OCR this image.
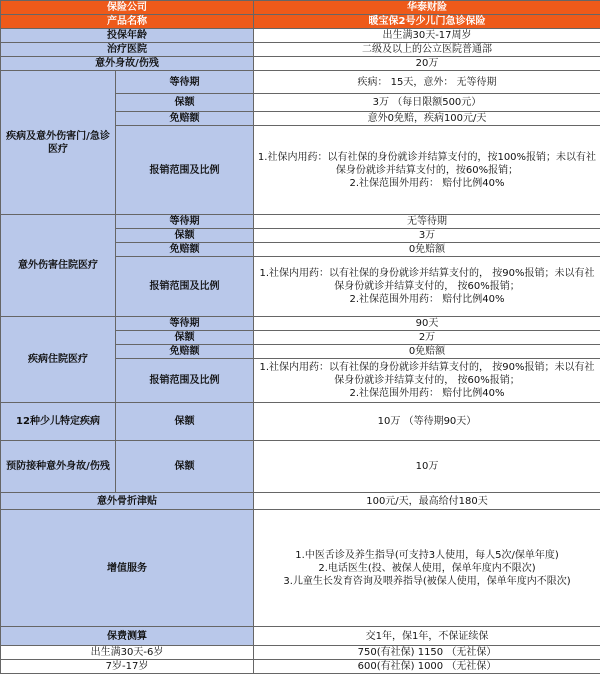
保险公司		华泰财险
产品名称		暖宝保2号少儿门急诊保险
投保年龄		出生满30天-17周岁
治疗医院		二级及以上的公立医院普通部
意外身故/伤残		20万
疾病及意外伤害门/急诊医疗	等待期	疾病： 15天，意外： 无等待期
	保额	3万 （每日限额500元）
	免赔额	意外0免赔，疾病100元/天
	报销范围及比例	1.社保内用药：以有社保的身份就诊并结算支付的，按100%报销；未以有社保身份就诊并结算支付的，按60%报销；
2.社保范围外用药： 赔付比例40%

意外伤害住院医疗	等待期	无等待期
	保额	3万
	免赔额	0免赔额
	报销范围及比例	1.社保内用药：以有社保的身份就诊并结算支付的， 按90%报销；未以有社保身份就诊并结算支付的， 按60%报销；
2.社保范围外用药： 赔付比例40%

疾病住院医疗	等待期	90天
	保额	2万
	免赔额	0免赔额
	报销范围及比例	1.社保内用药：以有社保的身份就诊并结算支付的， 按90%报销；未以有社保身份就诊并结算支付的， 按60%报销；
2.社保范围外用药： 赔付比例40%

12种少儿特定疾病	保额	10万 （等待期90天）
预防接种意外身故/伤残	保额	10万
意外骨折津贴		100元/天，最高给付180天
增值服务		1.中医舌诊及养生指导(可支持3人使用，每人5次/保单年度)
2.电话医生(投、被保人使用，保单年度内不限次)
3.儿童生长发育咨询及喂养指导(被保人使用，保单年度内不限次)

保费测算		交1年，保1年，不保证续保
出生满30天-6岁		750(有社保) 1150 （无社保）
7岁-17岁		600(有社保) 1000 （无社保）
